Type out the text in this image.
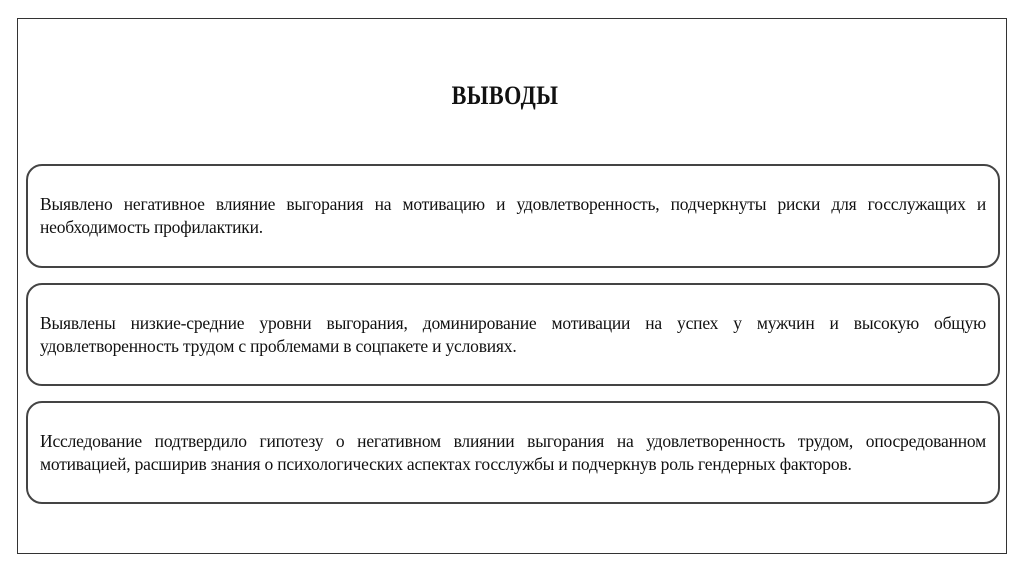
ВЫВОДЫ

Выявлено негативное влияние выгорания на мотивацию и удовлетворенность, подчеркнуты риски для госслужащих и необходимость профилактики.

Выявлены низкие-средние уровни выгорания, доминирование мотивации на успех у мужчин и высокую общую удовлетворенность трудом с проблемами в соцпакете и условиях.

Исследование подтвердило гипотезу о негативном влиянии выгорания на удовлетворенность трудом, опосредованном мотивацией, расширив знания о психологических аспектах госслужбы и подчеркнув роль гендерных факторов.
